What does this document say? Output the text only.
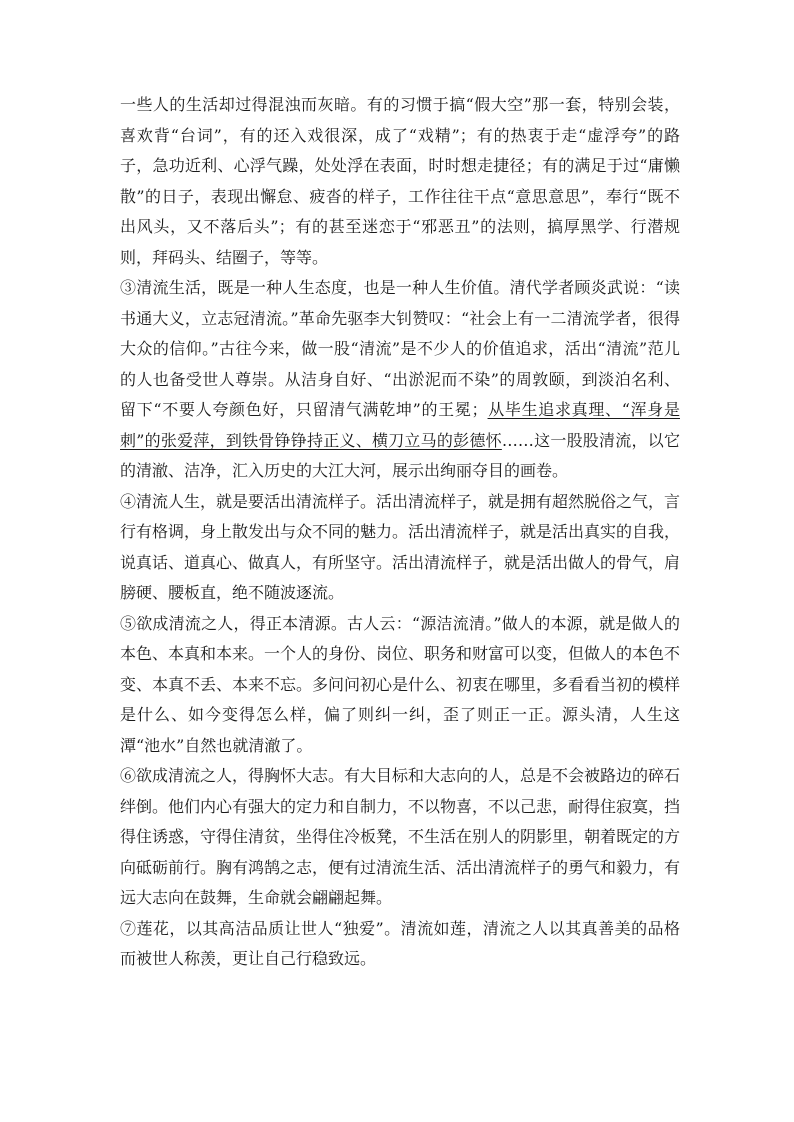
一些人的生活却过得混浊而灰暗。有的习惯于搞“假大空”那一套，特别会装，喜欢背“台词”，有的还入戏很深，成了“戏精”；有的热衷于走“虚浮夸”的路子，急功近利、心浮气躁，处处浮在表面，时时想走捷径；有的满足于过“庸懒散”的日子，表现出懈怠、疲沓的样子，工作往往干点“意思意思”，奉行“既不出风头，又不落后头”；有的甚至迷恋于“邪恶丑”的法则，搞厚黑学、行潜规则，拜码头、结圈子，等等。

③清流生活，既是一种人生态度，也是一种人生价值。清代学者顾炎武说：“读书通大义，立志冠清流。”革命先驱李大钊赞叹：“社会上有一二清流学者，很得大众的信仰。”古往今来，做一股“清流”是不少人的价值追求，活出“清流”范儿的人也备受世人尊崇。从洁身自好、“出淤泥而不染”的周敦颐，到淡泊名利、留下“不要人夸颜色好，只留清气满乾坤”的王冕；从毕生追求真理、“浑身是刺”的张爱萍，到铁骨铮铮持正义、横刀立马的彭德怀……这一股股清流，以它的清澈、洁净，汇入历史的大江大河，展示出绚丽夺目的画卷。

④清流人生，就是要活出清流样子。活出清流样子，就是拥有超然脱俗之气，言行有格调，身上散发出与众不同的魅力。活出清流样子，就是活出真实的自我，说真话、道真心、做真人，有所坚守。活出清流样子，就是活出做人的骨气，肩膀硬、腰板直，绝不随波逐流。

⑤欲成清流之人，得正本清源。古人云：“源洁流清。”做人的本源，就是做人的本色、本真和本来。一个人的身份、岗位、职务和财富可以变，但做人的本色不变、本真不丢、本来不忘。多问问初心是什么、初衷在哪里，多看看当初的模样是什么、如今变得怎么样，偏了则纠一纠，歪了则正一正。源头清，人生这潭“池水”自然也就清澈了。

⑥欲成清流之人，得胸怀大志。有大目标和大志向的人，总是不会被路边的碎石绊倒。他们内心有强大的定力和自制力，不以物喜，不以己悲，耐得住寂寞，挡得住诱惑，守得住清贫，坐得住冷板凳，不生活在别人的阴影里，朝着既定的方向砥砺前行。胸有鸿鹄之志，便有过清流生活、活出清流样子的勇气和毅力，有远大志向在鼓舞，生命就会翩翩起舞。

⑦莲花，以其高洁品质让世人“独爱”。清流如莲，清流之人以其真善美的品格而被世人称羡，更让自己行稳致远。
